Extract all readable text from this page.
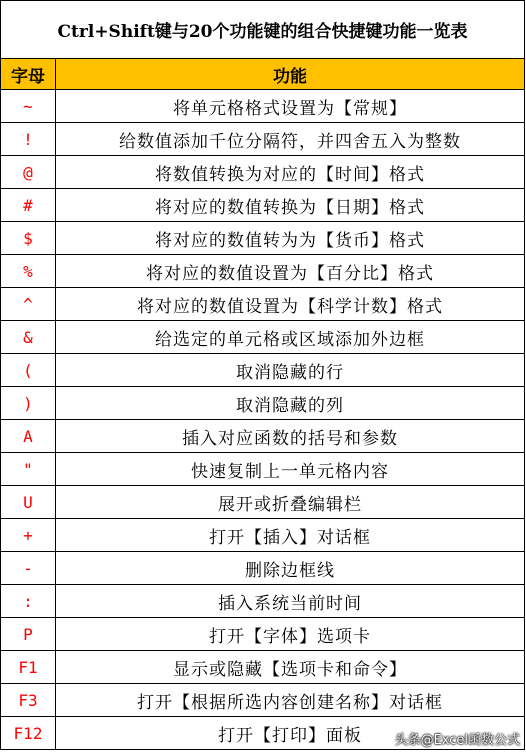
Ctrl+Shift键与20个功能键的组合快捷键功能一览表	
字母	功能
~	将单元格格式设置为【常规】
!	给数值添加千位分隔符，并四舍五入为整数
@	将数值转换为对应的【时间】格式
#	将对应的数值转换为【日期】格式
$	将对应的数值转为为【货币】格式
%	将对应的数值设置为【百分比】格式
^	将对应的数值设置为【科学计数】格式
&	给选定的单元格或区域添加外边框
(	取消隐藏的行
)	取消隐藏的列
A	插入对应函数的括号和参数
"	快速复制上一单元格内容
U	展开或折叠编辑栏
+	打开【插入】对话框
-	删除边框线
:	插入系统当前时间
P	打开【字体】选项卡
F1	显示或隐藏【选项卡和命令】
F3	打开【根据所选内容创建名称】对话框
F12	打开【打印】面板	头条@Excel函数公式
